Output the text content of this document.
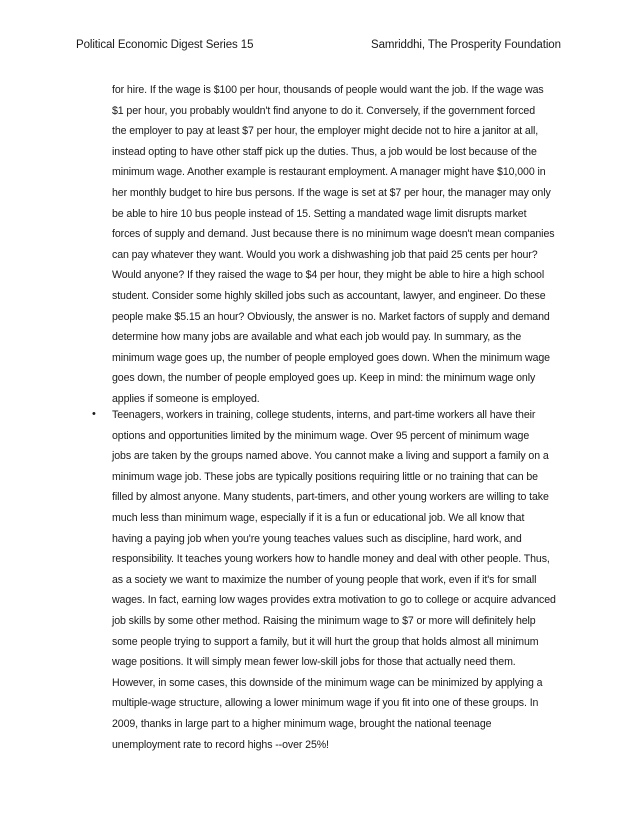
Political Economic Digest Series 15	Samriddhi, The Prosperity Foundation
for hire. If the wage is $100 per hour, thousands of people would want the job. If the wage was
$1 per hour, you probably wouldn't find anyone to do it. Conversely, if the government forced
the employer to pay at least $7 per hour, the employer might decide not to hire a janitor at all,
instead opting to have other staff pick up the duties. Thus, a job would be lost because of the
minimum wage. Another example is restaurant employment. A manager might have $10,000 in
her monthly budget to hire bus persons. If the wage is set at $7 per hour, the manager may only
be able to hire 10 bus people instead of 15. Setting a mandated wage limit disrupts market
forces of supply and demand. Just because there is no minimum wage doesn't mean companies
can pay whatever they want. Would you work a dishwashing job that paid 25 cents per hour?
Would anyone? If they raised the wage to $4 per hour, they might be able to hire a high school
student. Consider some highly skilled jobs such as accountant, lawyer, and engineer. Do these
people make $5.15 an hour? Obviously, the answer is no. Market factors of supply and demand
determine how many jobs are available and what each job would pay. In summary, as the
minimum wage goes up, the number of people employed goes down. When the minimum wage
goes down, the number of people employed goes up. Keep in mind: the minimum wage only
applies if someone is employed.
• Teenagers, workers in training, college students, interns, and part-time workers all have their
options and opportunities limited by the minimum wage. Over 95 percent of minimum wage
jobs are taken by the groups named above. You cannot make a living and support a family on a
minimum wage job. These jobs are typically positions requiring little or no training that can be
filled by almost anyone. Many students, part-timers, and other young workers are willing to take
much less than minimum wage, especially if it is a fun or educational job. We all know that
having a paying job when you're young teaches values such as discipline, hard work, and
responsibility. It teaches young workers how to handle money and deal with other people. Thus,
as a society we want to maximize the number of young people that work, even if it's for small
wages. In fact, earning low wages provides extra motivation to go to college or acquire advanced
job skills by some other method. Raising the minimum wage to $7 or more will definitely help
some people trying to support a family, but it will hurt the group that holds almost all minimum
wage positions. It will simply mean fewer low-skill jobs for those that actually need them.
However, in some cases, this downside of the minimum wage can be minimized by applying a
multiple-wage structure, allowing a lower minimum wage if you fit into one of these groups. In
2009, thanks in large part to a higher minimum wage, brought the national teenage
unemployment rate to record highs --over 25%!
